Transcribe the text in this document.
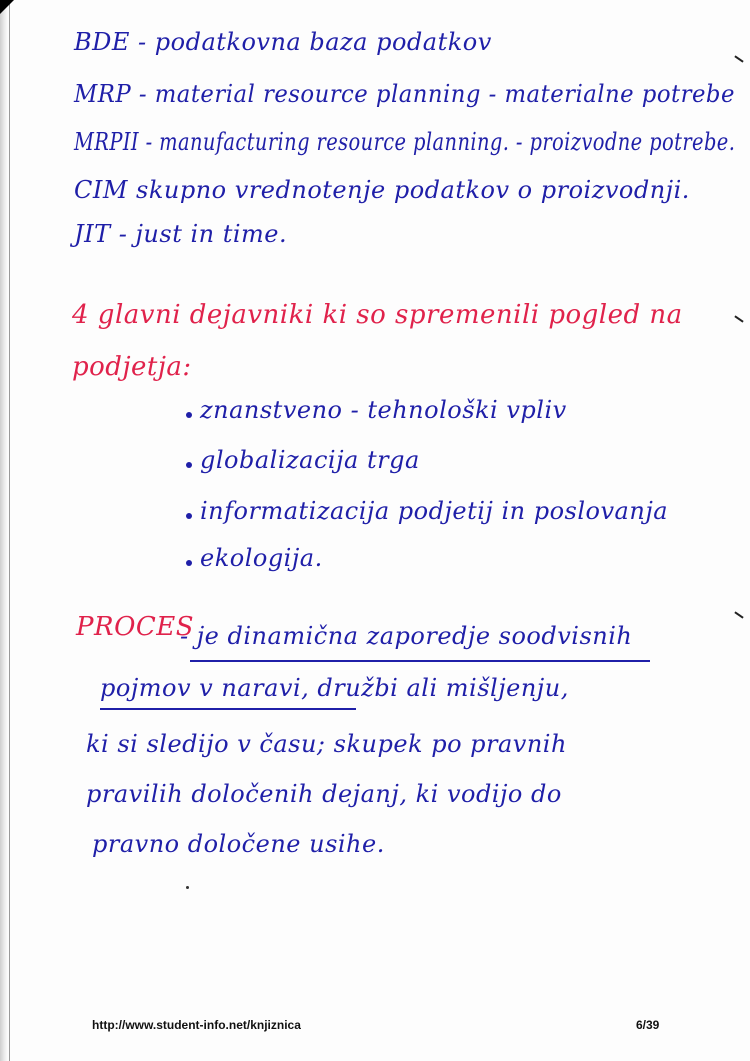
BDE - podatkovna baza podatkov
MRP - material resource planning - materialne potrebe
MRPII - manufacturing resource planning. - proizvodne potrebe.
CIM skupno vrednotenje podatkov o proizvodnji.
JIT - just in time.
4 glavni dejavniki ki so spremenili pogled na
podjetja:
znanstveno - tehnološki vpliv
globalizacija trga
informatizacija podjetij in poslovanja
ekologija.
PROCES
- je dinamična zaporedje soodvisnih
pojmov v naravi, družbi ali mišljenju,
ki si sledijo v času; skupek po pravnih
pravilih določenih dejanj, ki vodijo do
pravno določene usihe.
http://www.student-info.net/knjiznica	6/39
